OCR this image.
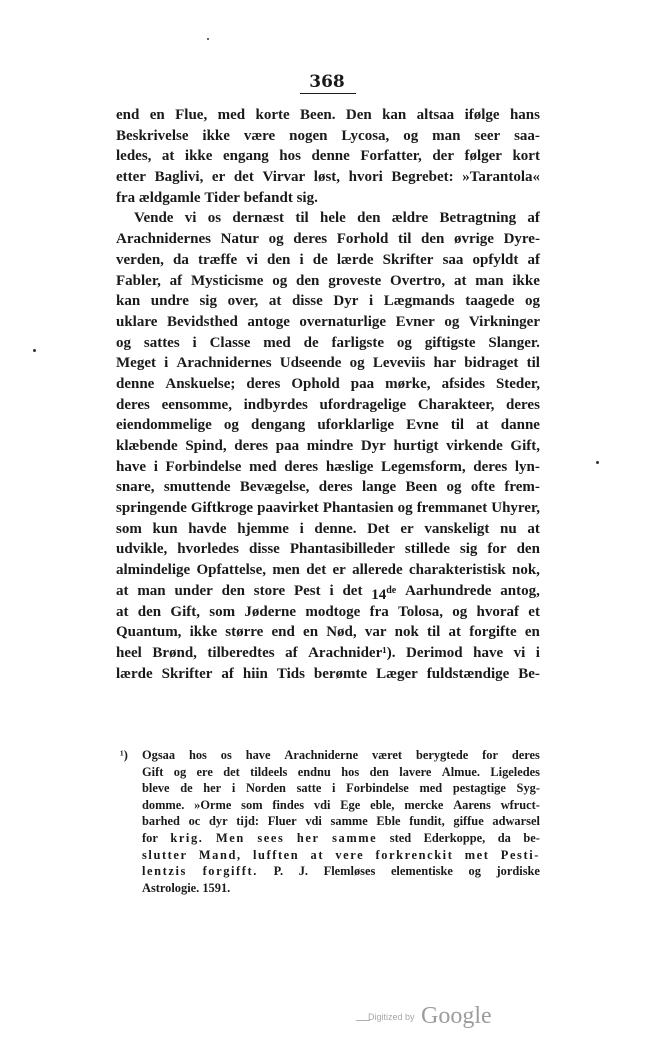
368
end en Flue, med korte Been. Den kan altsaa ifølge hans
Beskrivelse ikke være nogen Lycosa, og man seer saa-
ledes, at ikke engang hos denne Forfatter, der følger kort
etter Baglivi, er det Virvar løst, hvori Begrebet: »Tarantola«
fra
ældgamle
Tider
befandt
sig.

Vende vi os dernæst til hele den ældre Betragtning af
Arachnidernes Natur og deres Forhold til den øvrige Dyre-
verden, da træffe vi den i de lærde Skrifter saa opfyldt af
Fabler, af Mysticisme og den groveste Overtro, at man ikke
kan undre sig over, at disse Dyr i Lægmands taagede og
uklare Bevidsthed antoge overnaturlige Evner og Virkninger
og sattes i Classe med de farligste og giftigste Slanger.
Meget i Arachnidernes Udseende og Leveviis har bidraget til
denne Anskuelse; deres Ophold paa mørke, afsides Steder,
deres eensomme, indbyrdes ufordragelige Charakteer, deres
eiendommelige og dengang uforklarlige Evne til at danne
klæbende Spind, deres paa mindre Dyr hurtigt virkende Gift,
have i Forbindelse med deres hæslige Legemsform, deres lyn-
snare, smuttende Bevægelse, deres lange Been og ofte frem-
springende Giftkroge paavirket Phantasien og fremmanet Uhyrer,
som kun havde hjemme i denne. Det er vanskeligt nu at
udvikle, hvorledes disse Phantasibilleder stillede sig for den
almindelige Opfattelse, men det er allerede charakteristisk nok,
at man under den store Pest i det 14de Aarhundrede antog,
at den Gift, som Jøderne modtoge fra Tolosa, og hvoraf et
Quantum, ikke større end en Nød, var nok til at forgifte en
heel Brønd, tilberedtes af Arachnider¹). Derimod have vi i
lærde Skrifter af hiin Tids berømte Læger fuldstændige Be-
¹) Ogsaa hos os have Arachniderne været berygtede for deres
Gift og ere det tildeels endnu hos den lavere Almue. Ligeledes
bleve de her i Norden satte i Forbindelse med pestagtige Syg-
domme. »Orme som findes vdi Ege eble, mercke Aarens wfruct-
barhed oc dyr tijd: Fluer vdi samme Eble fundit, giffue adwarsel
for krig. Men sees her samme sted Ederkoppe, da be-
slutter Mand, lufften at vere forkrenckit met Pesti-
lentzis forgifft. P. J. Flemløses elementiske og jordiske
Astrologie.
1591.

Digitized by Google
